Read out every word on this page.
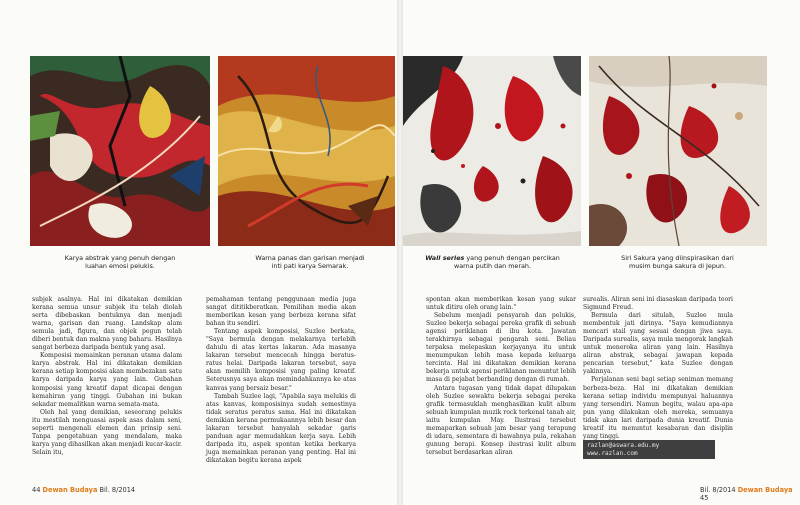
Karya abstrak yang penuh dengan luahan emosi pelukis.
Warna panas dan garisan menjadi inti pati karya Semarak.
Wall series yang penuh dengan percikan warna putih dan merah.
Siri Sakura yang diinspirasikan dari musim bunga sakura di Jepun.

subjek asalnya. Hal ini dikatakan demikian kerana semua unsur subjek itu telah diolah serta dibebaskan bentuknya dan menjadi warna, garisan dan ruang. Landskap alam semula jadi, figura, dan objek pegun telah diberi bentuk dan makna yang baharu. Hasilnya sangat berbeza daripada bentuk yang asal.

Komposisi memainkan peranan utama dalam karya abstrak. Hal ini dikatakan demikian kerana setiap komposisi akan membezakan satu karya daripada karya yang lain. Gubahan komposisi yang kreatif dapat dicapai dengan kemahiran yang tinggi. Gubahan ini bukan sekadar memalitkan warna semata-mata.

Oleh hal yang demikian, seseorang pelukis itu mestilah menguasai aspek asas dalam seni, seperti mengenali elemen dan prinsip seni. Tanpa pengetahuan yang mendalam, maka karya yang dihasilkan akan menjadi kucar-kacir. Selain itu,

pemahaman tentang penggunaan media juga sangat dititikberatkan. Pemilihan media akan memberikan kesan yang berbeza kerana sifat bahan itu sendiri.

Tentang aspek komposisi, Suzlee berkata, "Saya bermula dengan melakarnya terlebih dahulu di atas kertas lakaran. Ada masanya lakaran tersebut mencecah hingga beratus-ratus helai. Daripada lakaran tersebut, saya akan memilih komposisi yang paling kreatif. Seterusnya saya akan memindahkannya ke atas kanvas yang bersaiz besar."

Tambah Suzlee lagi, "Apabila saya melukis di atas kanvas, komposisinya sudah semestinya tidak seratus peratus sama. Hal ini dikatakan demikian kerana permukaannya lebih besar dan lakaran tersebut hanyalah sekadar garis panduan agar memudahkan kerja saya. Lebih daripada itu, aspek spontan ketika berkarya juga memainkan peranan yang penting. Hal ini dikatakan begitu kerana aspek

spontan akan memberikan kesan yang sukar untuk ditiru oleh orang lain."

Sebelum menjadi pensyarah dan pelukis, Suzlee bekerja sebagai pereka grafik di sebuah agensi periklanan di ibu kota. Jawatan terakhirnya sebagai pengarah seni. Beliau terpaksa melepaskan kerjayanya itu untuk menumpukan lebih masa kepada keluarga tercinta. Hal ini dikatakan demikian kerana bekerja untuk agensi periklanan menuntut lebih masa di pejabat berbanding dengan di rumah.

Antara tugasan yang tidak dapat dilupakan oleh Suzlee sewaktu bekerja sebagai pereka grafik termasuklah menghasilkan kulit album sebuah kumpulan muzik rock terkenal tanah air, iaitu kumpulan May. Ilustrasi tersebut memaparkan sebuah jam besar yang terapung di udara, sementara di bawahnya pula, rekahan gunung berapi. Konsep ilustrasi kulit album tersebut berdasarkan aliran

surealis. Aliran seni ini diasaskan daripada teori Sigmund Freud.

Bermula dari situlah, Suzlee mula membentuk jati dirinya. "Saya kemudiannya mencari stail yang sesuai dengan jiwa saya. Daripada surealis, saya mula mengorak langkah untuk meneroka aliran yang lain. Hasilnya aliran abstrak, sebagai jawapan kepada pencarian tersebut," kata Suzlee dengan yakinnya.

Perjalanan seni bagi setiap seniman memang berbeza-beza. Hal ini dikatakan demikian kerana setiap individu mempunyai haluannya yang tersendiri. Namun begitu, walau apa-apa pun yang dilakukan oleh mereka, semuanya tidak akan lari daripada dunia kreatif. Dunia kreatif itu menuntut kesabaran dan disiplin yang tinggi.

razlan@aswara.edu.my
www.razlan.com
44 Dewan Budaya Bil. 8/2014	Bil. 8/2014 Dewan Budaya 45
